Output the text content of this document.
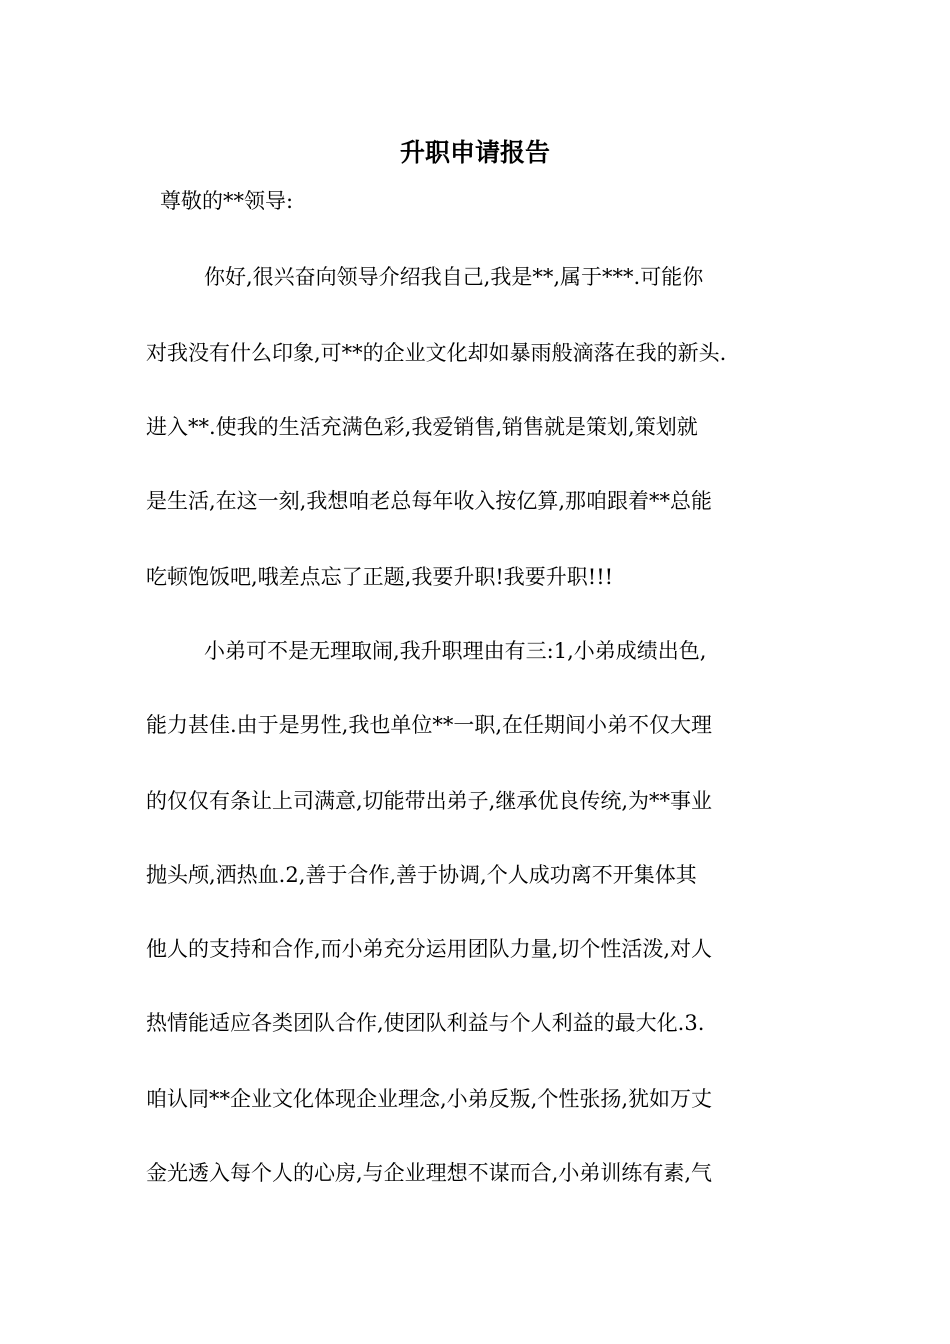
升职申请报告
尊敬的**领导:
你好,很兴奋向领导介绍我自己,我是**,属于***.可能你
对我没有什么印象,可**的企业文化却如暴雨般滴落在我的新头.
进入**.使我的生活充满色彩,我爱销售,销售就是策划,策划就
是生活,在这一刻,我想咱老总每年收入按亿算,那咱跟着**总能
吃顿饱饭吧,哦差点忘了正题,我要升职!我要升职!!!
小弟可不是无理取闹,我升职理由有三:1,小弟成绩出色,
能力甚佳.由于是男性,我也单位**一职,在任期间小弟不仅大理
的仅仅有条让上司满意,切能带出弟子,继承优良传统,为**事业
抛头颅,洒热血.2,善于合作,善于协调,个人成功离不开集体其
他人的支持和合作,而小弟充分运用团队力量,切个性活泼,对人
热情能适应各类团队合作,使团队利益与个人利益的最大化.3.
咱认同**企业文化体现企业理念,小弟反叛,个性张扬,犹如万丈
金光透入每个人的心房,与企业理想不谋而合,小弟训练有素,气
